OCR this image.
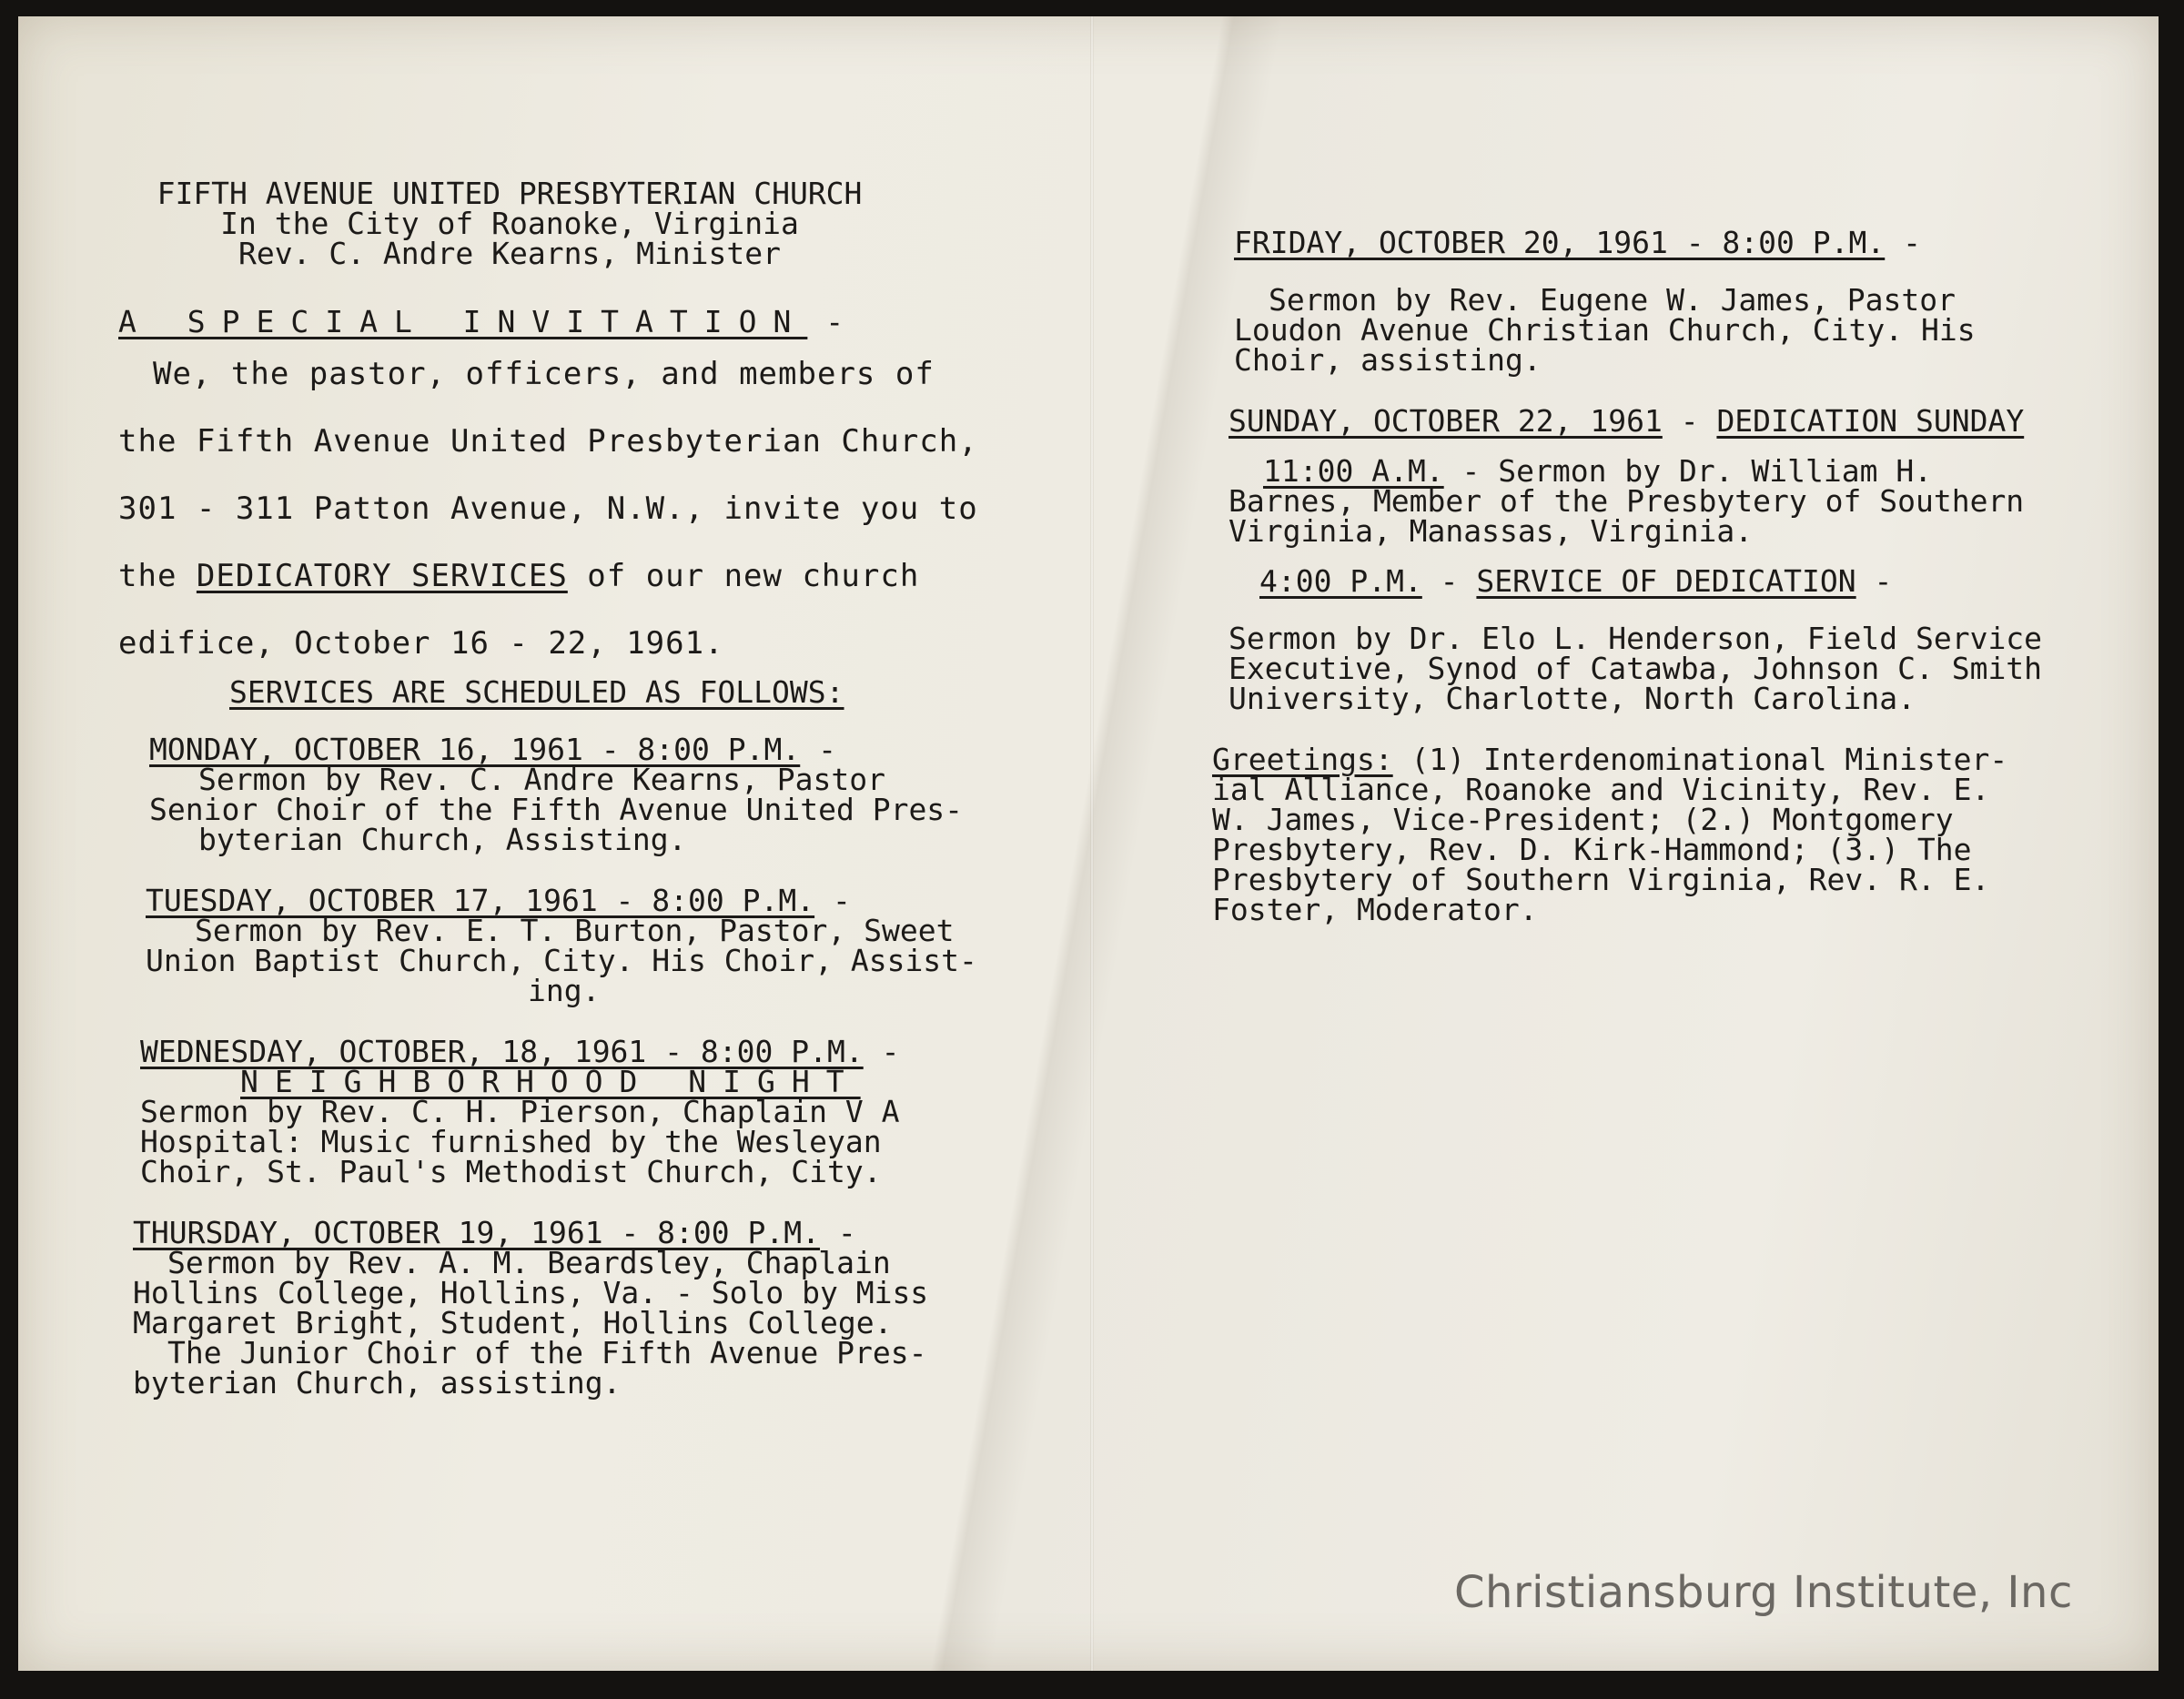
FIFTH AVENUE UNITED PRESBYTERIAN CHURCH

In the City of Roanoke, Virginia

Rev. C. Andre Kearns, Minister

A SPECIAL INVITATION -

We, the pastor, officers, and members of

the Fifth Avenue United Presbyterian Church,

301 - 311 Patton Avenue, N.W., invite you to

the DEDICATORY SERVICES of our new church

edifice, October 16 - 22, 1961.

SERVICES ARE SCHEDULED AS FOLLOWS:

MONDAY, OCTOBER 16, 1961 - 8:00 P.M. -

Sermon by Rev. C. Andre Kearns, Pastor

Senior Choir of the Fifth Avenue United Pres-

byterian Church, Assisting.

TUESDAY, OCTOBER 17, 1961 - 8:00 P.M. -

Sermon by Rev. E. T. Burton, Pastor, Sweet

Union Baptist Church, City. His Choir, Assist-

ing.

WEDNESDAY, OCTOBER, 18, 1961 - 8:00 P.M. -

NEIGHBORHOOD NIGHT

Sermon by Rev. C. H. Pierson, Chaplain V A

Hospital: Music furnished by the Wesleyan

Choir, St. Paul's Methodist Church, City.

THURSDAY, OCTOBER 19, 1961 - 8:00 P.M. -

Sermon by Rev. A. M. Beardsley, Chaplain

Hollins College, Hollins, Va. - Solo by Miss

Margaret Bright, Student, Hollins College.

The Junior Choir of the Fifth Avenue Pres-

byterian Church, assisting.

FRIDAY, OCTOBER 20, 1961 - 8:00 P.M. -

Sermon by Rev. Eugene W. James, Pastor

Loudon Avenue Christian Church, City. His

Choir, assisting.

SUNDAY, OCTOBER 22, 1961 - DEDICATION SUNDAY

11:00 A.M. - Sermon by Dr. William H.

Barnes, Member of the Presbytery of Southern

Virginia, Manassas, Virginia.

4:00 P.M. - SERVICE OF DEDICATION -

Sermon by Dr. Elo L. Henderson, Field Service

Executive, Synod of Catawba, Johnson C. Smith

University, Charlotte, North Carolina.

Greetings: (1) Interdenominational Minister-

ial Alliance, Roanoke and Vicinity, Rev. E.

W. James, Vice-President; (2.) Montgomery

Presbytery, Rev. D. Kirk-Hammond; (3.) The

Presbytery of Southern Virginia, Rev. R. E.

Foster, Moderator.

Christiansburg Institute, Inc
